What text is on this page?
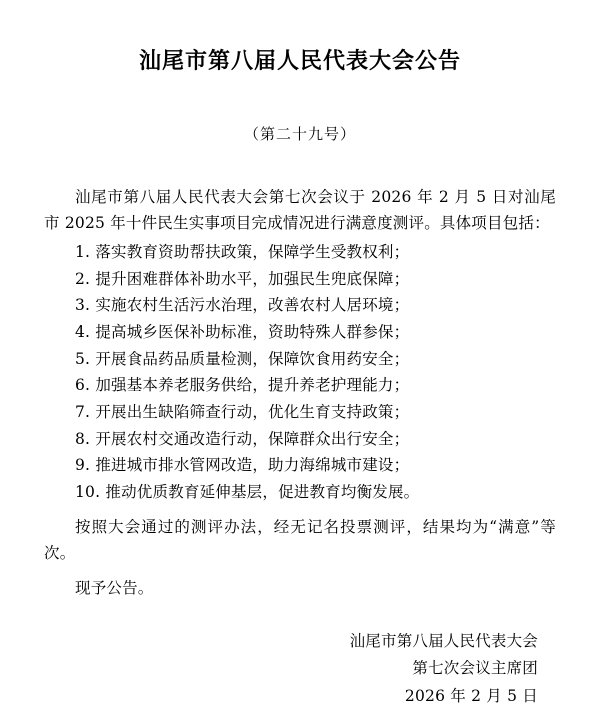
汕尾市第八届人民代表大会公告
（第二十九号）

汕尾市第八届人民代表大会第七次会议于 2026 年 2 月 5 日对汕尾市 2025 年十件民生实事项目完成情况进行满意度测评。具体项目包括：

1. 落实教育资助帮扶政策，保障学生受教权利；
2. 提升困难群体补助水平，加强民生兜底保障；
3. 实施农村生活污水治理，改善农村人居环境；
4. 提高城乡医保补助标准，资助特殊人群参保；
5. 开展食品药品质量检测，保障饮食用药安全；
6. 加强基本养老服务供给，提升养老护理能力；
7. 开展出生缺陷筛查行动，优化生育支持政策；
8. 开展农村交通改造行动，保障群众出行安全；
9. 推进城市排水管网改造，助力海绵城市建设；
10. 推动优质教育延伸基层，促进教育均衡发展。

按照大会通过的测评办法，经无记名投票测评，结果均为“满意”等次。

现予公告。

汕尾市第八届人民代表大会
第七次会议主席团
2026 年 2 月 5 日
